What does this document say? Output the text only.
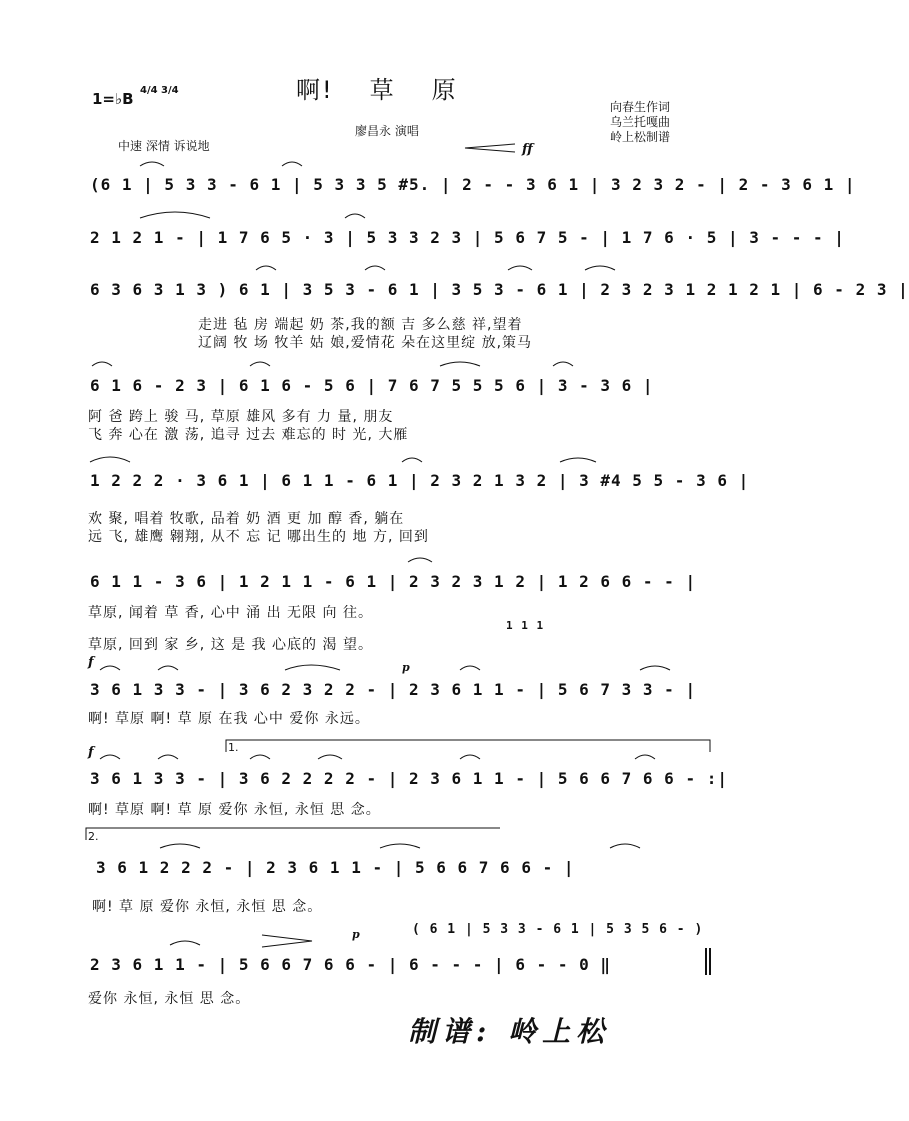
啊! 草 原
1=♭B 4/4 3/4
廖昌永 演唱
向春生作词
乌兰托嘎曲
岭上松制谱
中速 深情 诉说地	ff
f	p
f
p
1.
2.
( 6 1 | 5 3 3 - 6 1 | 5 3 5 6 - )
1 1 1
(6 1 | 5 3 3 - 6 1 | 5 3 3 5 #5. | 2 - - 3 6 1 | 3 2 3 2 - | 2 - 3 6 1 |
2 1 2 1 - | 1 7 6 5 · 3 | 5 3 3 2 3 | 5 6 7 5 - | 1 7 6 · 5 | 3 - - - |
6 3 6 3 1 3 ) 6 1 | 3 5 3 - 6 1 | 3 5 3 - 6 1 | 2 3 2 3 1 2 1 2 1 | 6 - 2 3 |
走进 毡 房 端起 奶 茶,我的额 吉 多么慈 祥,望着
辽阔 牧 场 牧羊 姑 娘,爱情花 朵在这里绽 放,策马
6 1 6 - 2 3 | 6 1 6 - 5 6 | 7 6 7 5 5 5 6 | 3 - 3 6 |
阿 爸 跨上 骏 马, 草原 雄风 多有 力 量, 朋友
飞 奔 心在 激 荡, 追寻 过去 难忘的 时 光, 大雁
1 2 2 2 · 3 6 1 | 6 1 1 - 6 1 | 2 3 2 1 3 2 | 3 #4 5 5 - 3 6 |
欢 聚, 唱着 牧歌, 品着 奶 酒 更 加 醇 香, 躺在
远 飞, 雄鹰 翱翔, 从不 忘 记 哪出生的 地 方, 回到
6 1 1 - 3 6 | 1 2 1 1 - 6 1 | 2 3 2 3 1 2 | 1 2 6 6 - - |
草原, 闻着 草 香, 心中 涌 出 无限 向 往。
草原, 回到 家 乡, 这 是 我 心底的 渴 望。
3 6 1 3 3 - | 3 6 2 3 2 2 - | 2 3 6 1 1 - | 5 6 7 3 3 - |
啊! 草原 啊! 草 原 在我 心中 爱你 永远。
3 6 1 3 3 - | 3 6 2 2 2 2 - | 2 3 6 1 1 - | 5 6 6 7 6 6 - :|
啊! 草原 啊! 草 原 爱你 永恒, 永恒 思 念。
3 6 1 2 2 2 - | 2 3 6 1 1 - | 5 6 6 7 6 6 - |
啊! 草 原 爱你 永恒, 永恒 思 念。
2 3 6 1 1 - | 5 6 6 7 6 6 - | 6 - - - | 6 - - 0 ‖
爱你 永恒, 永恒 思 念。
制谱: 岭上松
